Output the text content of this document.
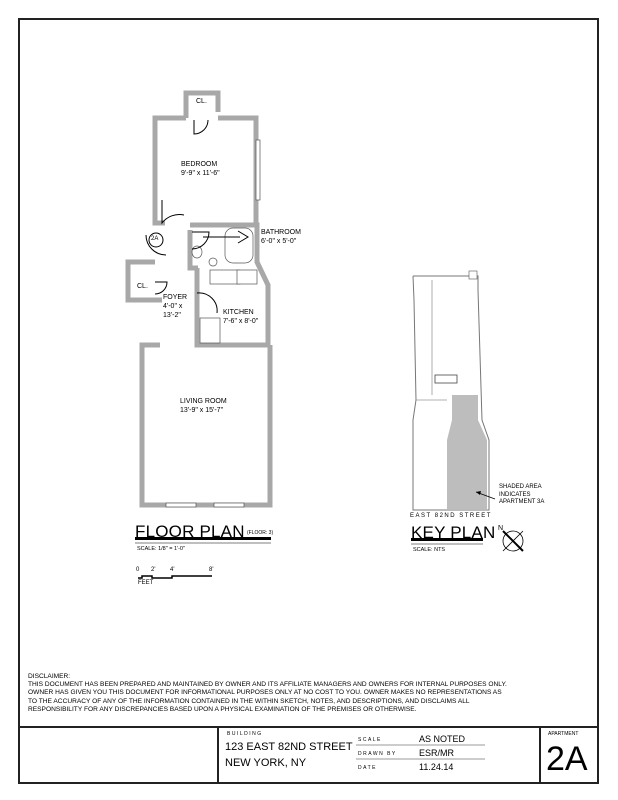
CL.
BEDROOM
9'-9" x 11'-6"
BATHROOM
6'-0" x 5'-0"
CL.
FOYER
4'-0" x
13'-2"	KITCHEN
7'-6" x 8'-0"
LIVING ROOM
13'-9" x 15'-7"
2A
FLOOR PLAN (FLOOR: 3)
SCALE: 1/8" = 1'-0"
0 2' 4'	8'
FEET
EAST 82ND STREET
SHADED AREA
INDICATES
APARTMENT 3A
KEY PLAN
SCALE: NTS
N
DISCLAIMER:
THIS DOCUMENT HAS BEEN PREPARED AND MAINTAINED BY OWNER AND ITS AFFILIATE MANAGERS AND OWNERS FOR INTERNAL PURPOSES ONLY.
OWNER HAS GIVEN YOU THIS DOCUMENT FOR INFORMATIONAL PURPOSES ONLY AT NO COST TO YOU. OWNER MAKES NO REPRESENTATIONS AS
TO THE ACCURACY OF ANY OF THE INFORMATION CONTAINED IN THE WITHIN SKETCH, NOTES, AND DESCRIPTIONS, AND DISCLAIMS ALL
RESPONSIBILITY FOR ANY DISCREPANCIES BASED UPON A PHYSICAL EXAMINATION OF THE PREMISES OR OTHERWISE.
BUILDING
123 EAST 82ND STREET
NEW YORK, NY
SCALE	AS NOTED
DRAWN BY ESR/MR
DATE	11.24.14
APARTMENT
2A
